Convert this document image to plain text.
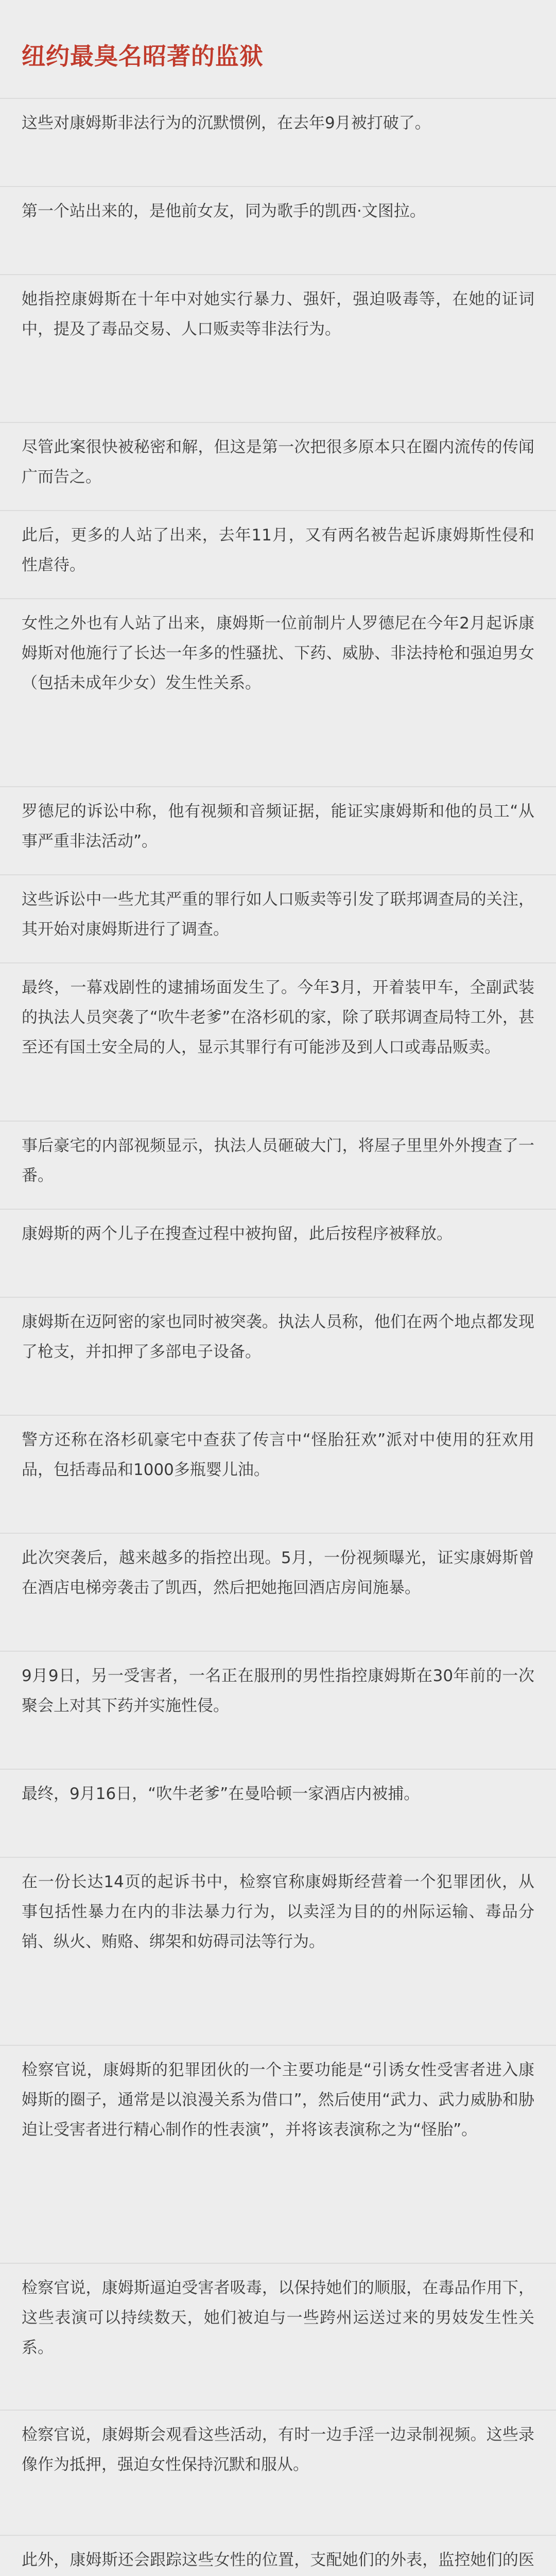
纽约最臭名昭著的监狱

这些对康姆斯非法行为的沉默惯例，在去年9月被打破了。

第一个站出来的，是他前女友，同为歌手的凯西·文图拉。

她指控康姆斯在十年中对她实行暴力、强奸，强迫吸毒等，在她的证词中，提及了毒品交易、人口贩卖等非法行为。

尽管此案很快被秘密和解，但这是第一次把很多原本只在圈内流传的传闻广而告之。

此后，更多的人站了出来，去年11月，又有两名被告起诉康姆斯性侵和性虐待。

女性之外也有人站了出来，康姆斯一位前制片人罗德尼在今年2月起诉康姆斯对他施行了长达一年多的性骚扰、下药、威胁、非法持枪和强迫男女（包括未成年少女）发生性关系。

罗德尼的诉讼中称，他有视频和音频证据，能证实康姆斯和他的员工“从事严重非法活动”。

这些诉讼中一些尤其严重的罪行如人口贩卖等引发了联邦调查局的关注，其开始对康姆斯进行了调查。

最终，一幕戏剧性的逮捕场面发生了。今年3月，开着装甲车，全副武装的执法人员突袭了“吹牛老爹”在洛杉矶的家，除了联邦调查局特工外，甚至还有国土安全局的人，显示其罪行有可能涉及到人口或毒品贩卖。

事后豪宅的内部视频显示，执法人员砸破大门，将屋子里里外外搜查了一番。

康姆斯的两个儿子在搜查过程中被拘留，此后按程序被释放。

康姆斯在迈阿密的家也同时被突袭。执法人员称，他们在两个地点都发现了枪支，并扣押了多部电子设备。

警方还称在洛杉矶豪宅中查获了传言中“怪胎狂欢”派对中使用的狂欢用品，包括毒品和1000多瓶婴儿油。

此次突袭后，越来越多的指控出现。5月，一份视频曝光，证实康姆斯曾在酒店电梯旁袭击了凯西，然后把她拖回酒店房间施暴。

9月9日，另一受害者，一名正在服刑的男性指控康姆斯在30年前的一次聚会上对其下药并实施性侵。

最终，9月16日，“吹牛老爹”在曼哈顿一家酒店内被捕。

在一份长达14页的起诉书中，检察官称康姆斯经营着一个犯罪团伙，从事包括性暴力在内的非法暴力行为，以卖淫为目的的州际运输、毒品分销、纵火、贿赂、绑架和妨碍司法等行为。

检察官说，康姆斯的犯罪团伙的一个主要功能是“引诱女性受害者进入康姆斯的圈子，通常是以浪漫关系为借口”，然后使用“武力、武力威胁和胁迫让受害者进行精心制作的性表演”，并将该表演称之为“怪胎”。

检察官说，康姆斯逼迫受害者吸毒，以保持她们的顺服，在毒品作用下，这些表演可以持续数天，她们被迫与一些跨州运送过来的男妓发生性关系。

检察官说，康姆斯会观看这些活动，有时一边手淫一边录制视频。这些录像作为抵押，强迫女性保持沉默和服从。

此外，康姆斯还会跟踪这些女性的位置，支配她们的外表，监控她们的医
